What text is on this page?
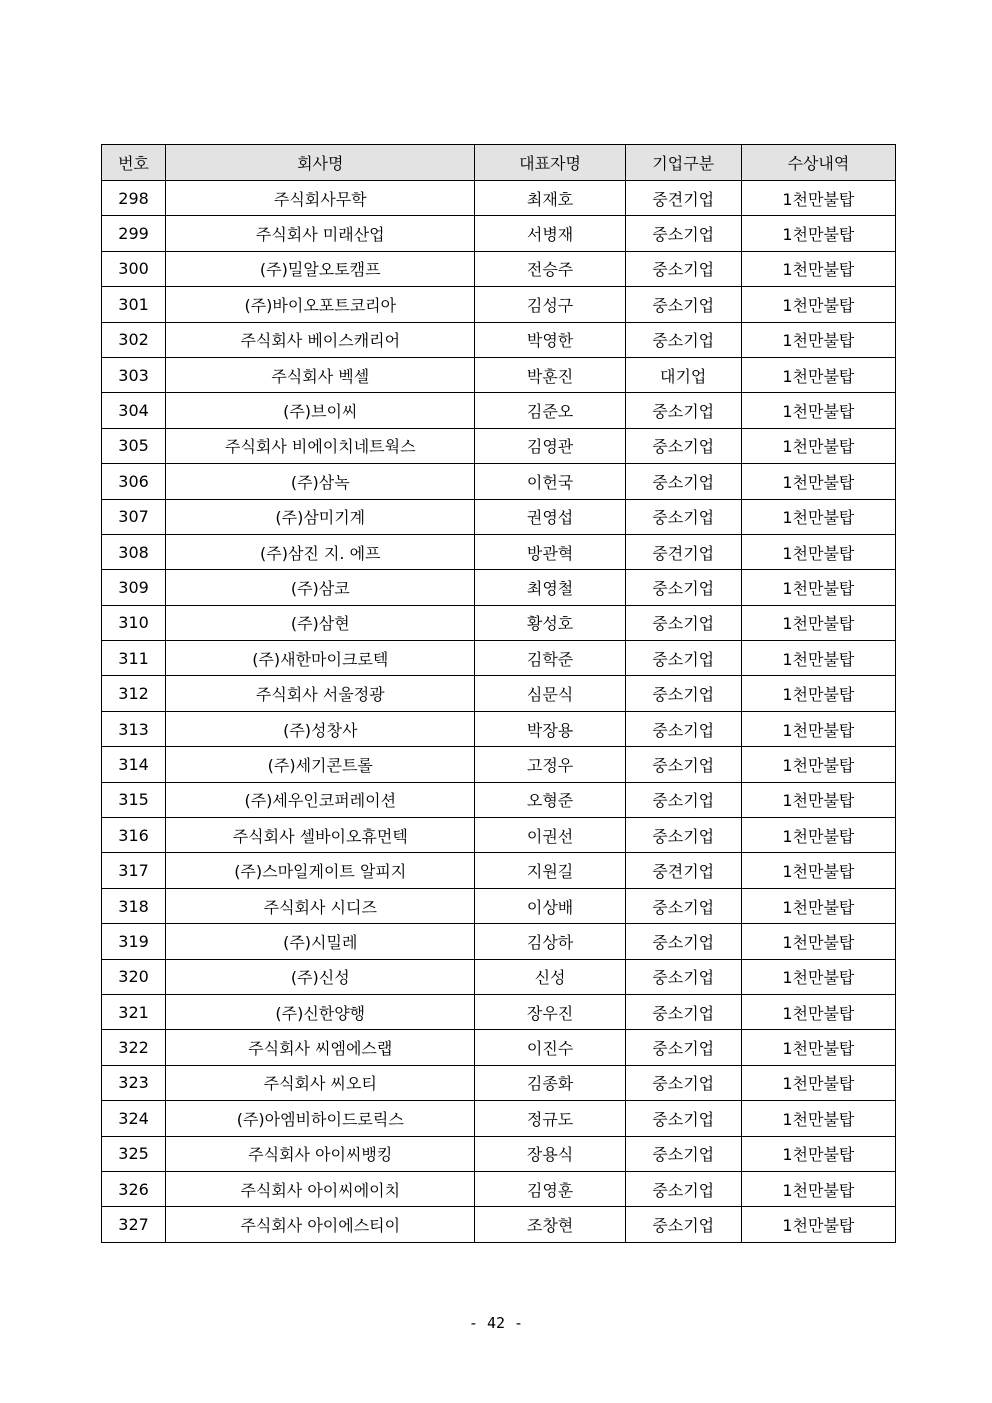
번호	회사명	대표자명	기업구분	수상내역
298	주식회사무학	최재호	중견기업	1천만불탑
299	주식회사 미래산업	서병재	중소기업	1천만불탑
300	(주)밀알오토캠프	전승주	중소기업	1천만불탑
301	(주)바이오포트코리아	김성구	중소기업	1천만불탑
302	주식회사 베이스캐리어	박영한	중소기업	1천만불탑
303	주식회사 벡셀	박훈진	대기업	1천만불탑
304	(주)브이씨	김준오	중소기업	1천만불탑
305	주식회사 비에이치네트웍스	김영관	중소기업	1천만불탑
306	(주)삼녹	이헌국	중소기업	1천만불탑
307	(주)삼미기계	권영섭	중소기업	1천만불탑
308	(주)삼진 지. 에프	방관혁	중견기업	1천만불탑
309	(주)삼코	최영철	중소기업	1천만불탑
310	(주)삼현	황성호	중소기업	1천만불탑
311	(주)새한마이크로텍	김학준	중소기업	1천만불탑
312	주식회사 서울정광	심문식	중소기업	1천만불탑
313	(주)성창사	박장용	중소기업	1천만불탑
314	(주)세기콘트롤	고정우	중소기업	1천만불탑
315	(주)세우인코퍼레이션	오형준	중소기업	1천만불탑
316	주식회사 셀바이오휴먼텍	이권선	중소기업	1천만불탑
317	(주)스마일게이트 알피지	지원길	중견기업	1천만불탑
318	주식회사 시디즈	이상배	중소기업	1천만불탑
319	(주)시밀레	김상하	중소기업	1천만불탑
320	(주)신성	신성	중소기업	1천만불탑
321	(주)신한양행	장우진	중소기업	1천만불탑
322	주식회사 씨엠에스랩	이진수	중소기업	1천만불탑
323	주식회사 씨오티	김종화	중소기업	1천만불탑
324	(주)아엠비하이드로릭스	정규도	중소기업	1천만불탑
325	주식회사 아이씨뱅킹	장용식	중소기업	1천만불탑
326	주식회사 아이씨에이치	김영훈	중소기업	1천만불탑
327	주식회사 아이에스티이	조창현	중소기업	1천만불탑
- 42 -
